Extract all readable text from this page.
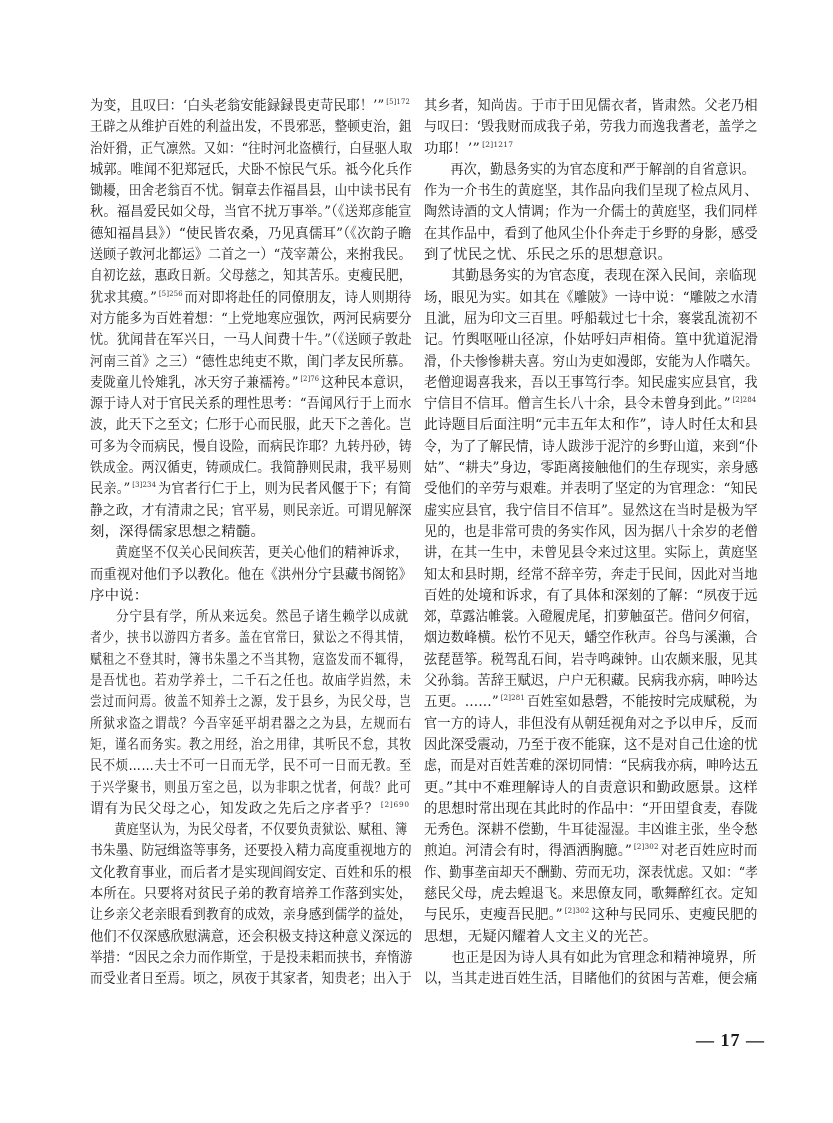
为变，且叹曰：‘白头老翁安能録録畏吏苛民耶！’” $^{[5]172}$
王辟之从维护百姓的利益出发，不畏邪恶，整顿吏治，鉏
治奸猾，正气凛然。又如：“往时河北盗横行，白昼驱人取
城郭。唯闻不犯郑冠氏，犬卧不惊民气乐。祗今化兵作
锄耰，田舍老翁百不忧。铜章去作福昌县，山中读书民有
秋。福昌爱民如父母，当官不扰万事举。”（《送郑彦能宣
德知福昌县》）“使民皆农桑，乃见真儒耳”（《次韵子瞻
送顾子敦河北都运》二首之一）“茂宰萧公，来拊我民。
自初讫兹，惠政日新。父母慈之，知其苦乐。吏瘦民肥，
犹求其瘼。” $^{[5]256}$ 而对即将赴任的同僚朋友，诗人则期待
对方能多为百姓着想：“上党地寒应强饮，两河民病要分
忧。犹闻昔在军兴日，一马人间费十牛。”（《送顾子敦赴
河南三首》之三）“德性忠纯吏不欺，闺门孝友民所慕。
麦陇童儿怜雉乳，冰天穷子兼襦袴。” $^{[2]76}$ 这种民本意识，
源于诗人对于官民关系的理性思考：“吾闻风行于上而水
波，此天下之至文；仁形于心而民服，此天下之善化。岂
可多为令而病民，慢自设险，而病民诈耶？九转丹砂，铸
铁成金。两汉循吏，铸顽成仁。我简静则民肃，我平易则
民亲。” $^{[3]234}$ 为官者行仁于上，则为民者风偃于下；有简
静之政，才有清肃之民；官平易，则民亲近。可谓见解深
刻，深得儒家思想之精髓。
黄庭坚不仅关心民间疾苦，更关心他们的精神诉求，
而重视对他们予以教化。他在《洪州分宁县藏书阁铭》
序中说：
分宁县有学，所从来远矣。然邑子诸生赖学以成就
者少，挟书以游四方者多。盖在官常曰，狱讼之不得其情，
赋租之不登其时，簿书朱墨之不当其物，寇盗发而不辄得，
是吾忧也。若劝学养士，二千石之任也。故庙学岿然，未
尝过而问焉。彼盖不知养士之源，发于县乡，为民父母，岂
所狱求盗之谓哉？今吾宰延平胡君器之之为县，左规而右
矩，谨名而务实。教之用经，治之用律，其听民不怠，其牧
民不烦……夫士不可一日而无学，民不可一日而无教。至
于兴学聚书，则虽万室之邑，以为非职之忧者，何哉？此可
谓有为民父母之心，知发政之先后之序者乎？ $^{[2]690}$
黄庭坚认为，为民父母者，不仅要负责狱讼、赋租、簿
书朱墨、防冠缉盗等事务，还要投入精力高度重视地方的
文化教育事业，而后者才是实现闾阎安定、百姓和乐的根
本所在。只要将对贫民子弟的教育培养工作落到实处，
让乡亲父老亲眼看到教育的成效，亲身感到儒学的益处，
他们不仅深感欣慰满意，还会积极支持这种意义深远的
举措：“因民之余力而作斯堂，于是投耒耜而挟书，弃惰游
而受业者日至焉。顷之，夙夜于其家者，知贵老；出入于
其乡者，知尚齿。于市于田见儒衣者，皆肃然。父老乃相
与叹曰：‘毁我财而成我子弟，劳我力而逸我耆老，盖学之
功耶！’” $^{[2]1217}$
再次，勤恳务实的为官态度和严于解剖的自省意识。
作为一介书生的黄庭坚，其作品向我们呈现了检点风月、
陶然诗酒的文人情调；作为一介儒士的黄庭坚，我们同样
在其作品中，看到了他风尘仆仆奔走于乡野的身影，感受
到了忧民之忧、乐民之乐的思想意识。
其勤恳务实的为官态度，表现在深入民间，亲临现
场，眼见为实。如其在《雕陂》一诗中说：“雕陂之水清
且泚，屈为印文三百里。呼船载过七十余，褰裳乱流初不
记。竹舆呕哑山径凉，仆姑呼妇声相倚。篁中犹道泥滑
滑，仆夫惨惨耕夫喜。穷山为吏如漫郎，安能为人作嚆矢。
老僧迎谒喜我来，吾以王事笃行李。知民虚实应县官，我
宁信目不信耳。僧言生长八十余，县令未曾身到此。” $^{[2]284}$
此诗题目后面注明“元丰五年太和作”，诗人时任太和县
令，为了了解民情，诗人跋涉于泥泞的乡野山道，来到“仆
姑”、“耕夫”身边，零距离接触他们的生存现实，亲身感
受他们的辛劳与艰难。并表明了坚定的为官理念：“知民
虚实应县官，我宁信目不信耳”。显然这在当时是极为罕
见的，也是非常可贵的务实作风，因为据八十余岁的老僧
讲，在其一生中，未曾见县令来过这里。实际上，黄庭坚
知太和县时期，经常不辞辛劳，奔走于民间，因此对当地
百姓的处境和诉求，有了具体和深刻的了解：“夙夜于远
郊，草露沾帷裳。入磴履虎尾，扪萝触虿芒。借问夕何宿，
烟边数峰横。松竹不见天，蟠空作秋声。谷鸟与溪濑，合
弦琵琶筝。税驾乱石间，岩寺鸣疎钟。山农颇来服，见其
父孙翁。苦辞王赋迟，户户无积藏。民病我亦病，呻吟达
五更。……” $^{[2]281}$ 百姓室如悬磬，不能按时完成赋税，为
官一方的诗人，非但没有从朝廷视角对之予以申斥，反而
因此深受震动，乃至于夜不能寐，这不是对自己仕途的忧
虑，而是对百姓苦难的深切同情：“民病我亦病，呻吟达五
更。”其中不难理解诗人的自责意识和勤政愿景。这样
的思想时常出现在其此时的作品中：“开田望食麦，春陇
无秀色。深耕不偿勤，牛耳徒湿湿。丰凶谁主张，坐令愁
煎迫。河清会有时，得酒洒胸臆。” $^{[2]302}$ 对老百姓应时而
作、勤事垄亩却天不酬勤、劳而无功，深表忧虑。又如：“孝
慈民父母，虎去蝗退飞。来思僚友同，歌舞醉红衣。定知
与民乐，吏瘦吾民肥。” $^{[2]302}$ 这种与民同乐、吏瘦民肥的
思想，无疑闪耀着人文主义的光芒。
也正是因为诗人具有如此为官理念和精神境界，所
以，当其走进百姓生活，目睹他们的贫困与苦难，便会痛
— 17 —
